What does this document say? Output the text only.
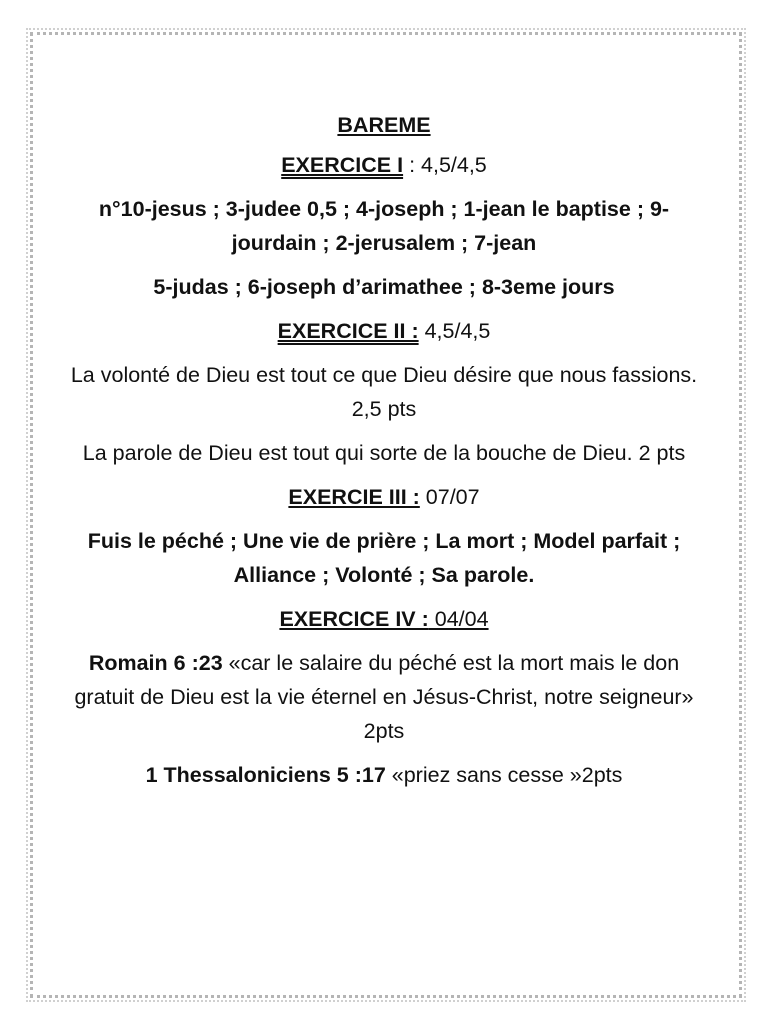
BAREME

EXERCICE I : 4,5/4,5

n°10-jesus ; 3-judee 0,5 ; 4-joseph ; 1-jean le baptise ; 9-jourdain ; 2-jerusalem ; 7-jean

5-judas ; 6-joseph d’arimathee ; 8-3eme jours

EXERCICE II : 4,5/4,5

La volonté de Dieu est tout ce que Dieu désire que nous fassions. 2,5 pts

La parole de Dieu est tout qui sorte de la bouche de Dieu. 2 pts

EXERCIE III : 07/07

Fuis le péché ; Une vie de prière ; La mort ; Model parfait ; Alliance ; Volonté ; Sa parole.

EXERCICE IV : 04/04

Romain 6 :23 «car le salaire du péché est la mort mais le don gratuit de Dieu est la vie éternel en Jésus-Christ, notre seigneur» 2pts

1 Thessaloniciens 5 :17 «priez sans cesse »2pts
